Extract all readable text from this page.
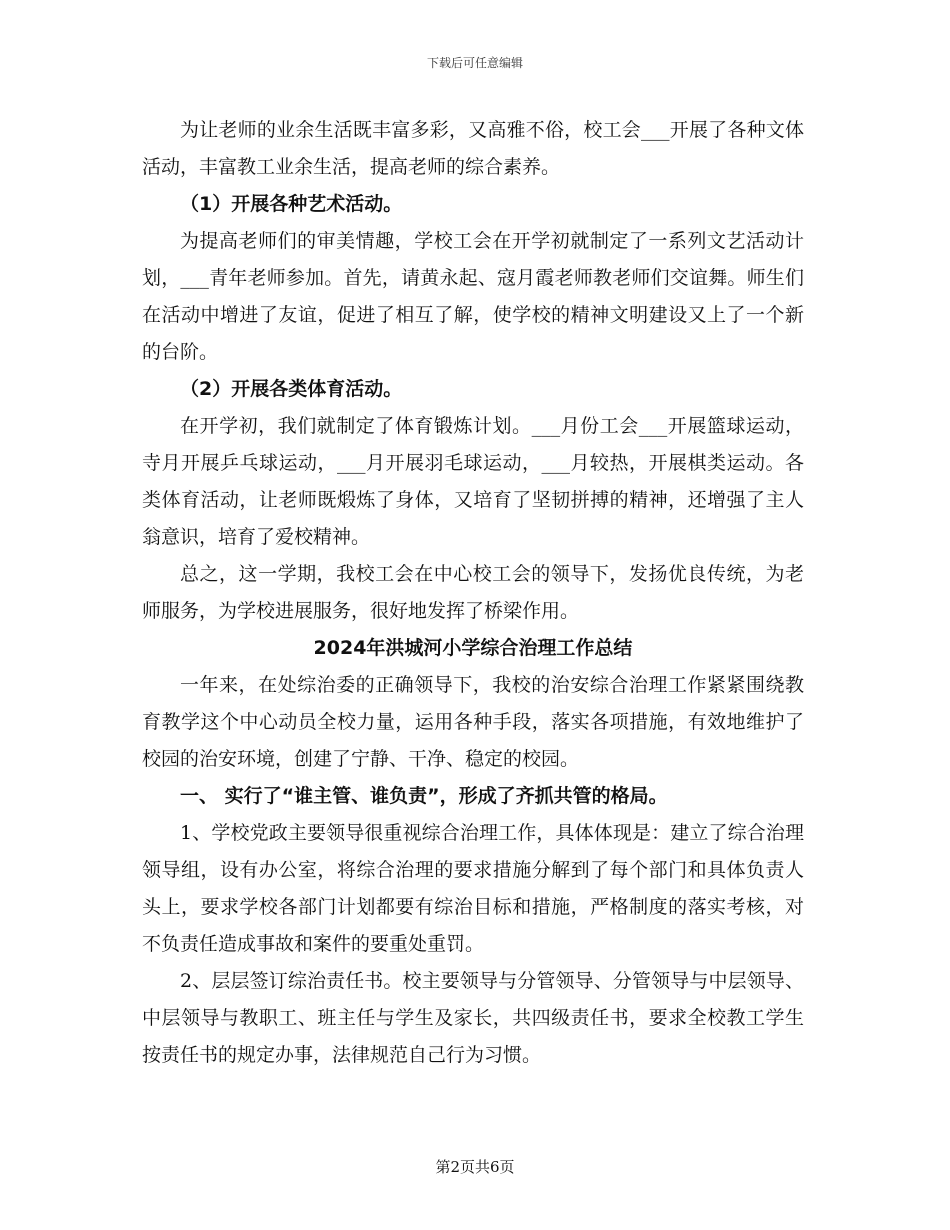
下载后可任意编辑

为让老师的业余生活既丰富多彩，又高雅不俗，校工会___开展了各种文体活动，丰富教工业余生活，提高老师的综合素养。

（1）开展各种艺术活动。

为提高老师们的审美情趣，学校工会在开学初就制定了一系列文艺活动计划，___青年老师参加。首先，请黄永起、寇月霞老师教老师们交谊舞。师生们在活动中增进了友谊，促进了相互了解，使学校的精神文明建设又上了一个新的台阶。

（2）开展各类体育活动。

在开学初，我们就制定了体育锻炼计划。___月份工会___开展篮球运动，寺月开展乒乓球运动，___月开展羽毛球运动，___月较热，开展棋类运动。各类体育活动，让老师既煅炼了身体，又培育了坚韧拼搏的精神，还增强了主人翁意识，培育了爱校精神。

总之，这一学期，我校工会在中心校工会的领导下，发扬优良传统，为老师服务，为学校进展服务，很好地发挥了桥梁作用。

2024年洪城河小学综合治理工作总结

一年来，在处综治委的正确领导下，我校的治安综合治理工作紧紧围绕教育教学这个中心动员全校力量，运用各种手段，落实各项措施，有效地维护了校园的治安环境，创建了宁静、干净、稳定的校园。

一、 实行了“谁主管、谁负责”，形成了齐抓共管的格局。

1、学校党政主要领导很重视综合治理工作，具体体现是：建立了综合治理领导组，设有办公室，将综合治理的要求措施分解到了每个部门和具体负责人头上，要求学校各部门计划都要有综治目标和措施，严格制度的落实考核，对不负责任造成事故和案件的要重处重罚。

2、层层签订综治责任书。校主要领导与分管领导、分管领导与中层领导、中层领导与教职工、班主任与学生及家长，共四级责任书，要求全校教工学生按责任书的规定办事，法律规范自己行为习惯。

第2页共6页
